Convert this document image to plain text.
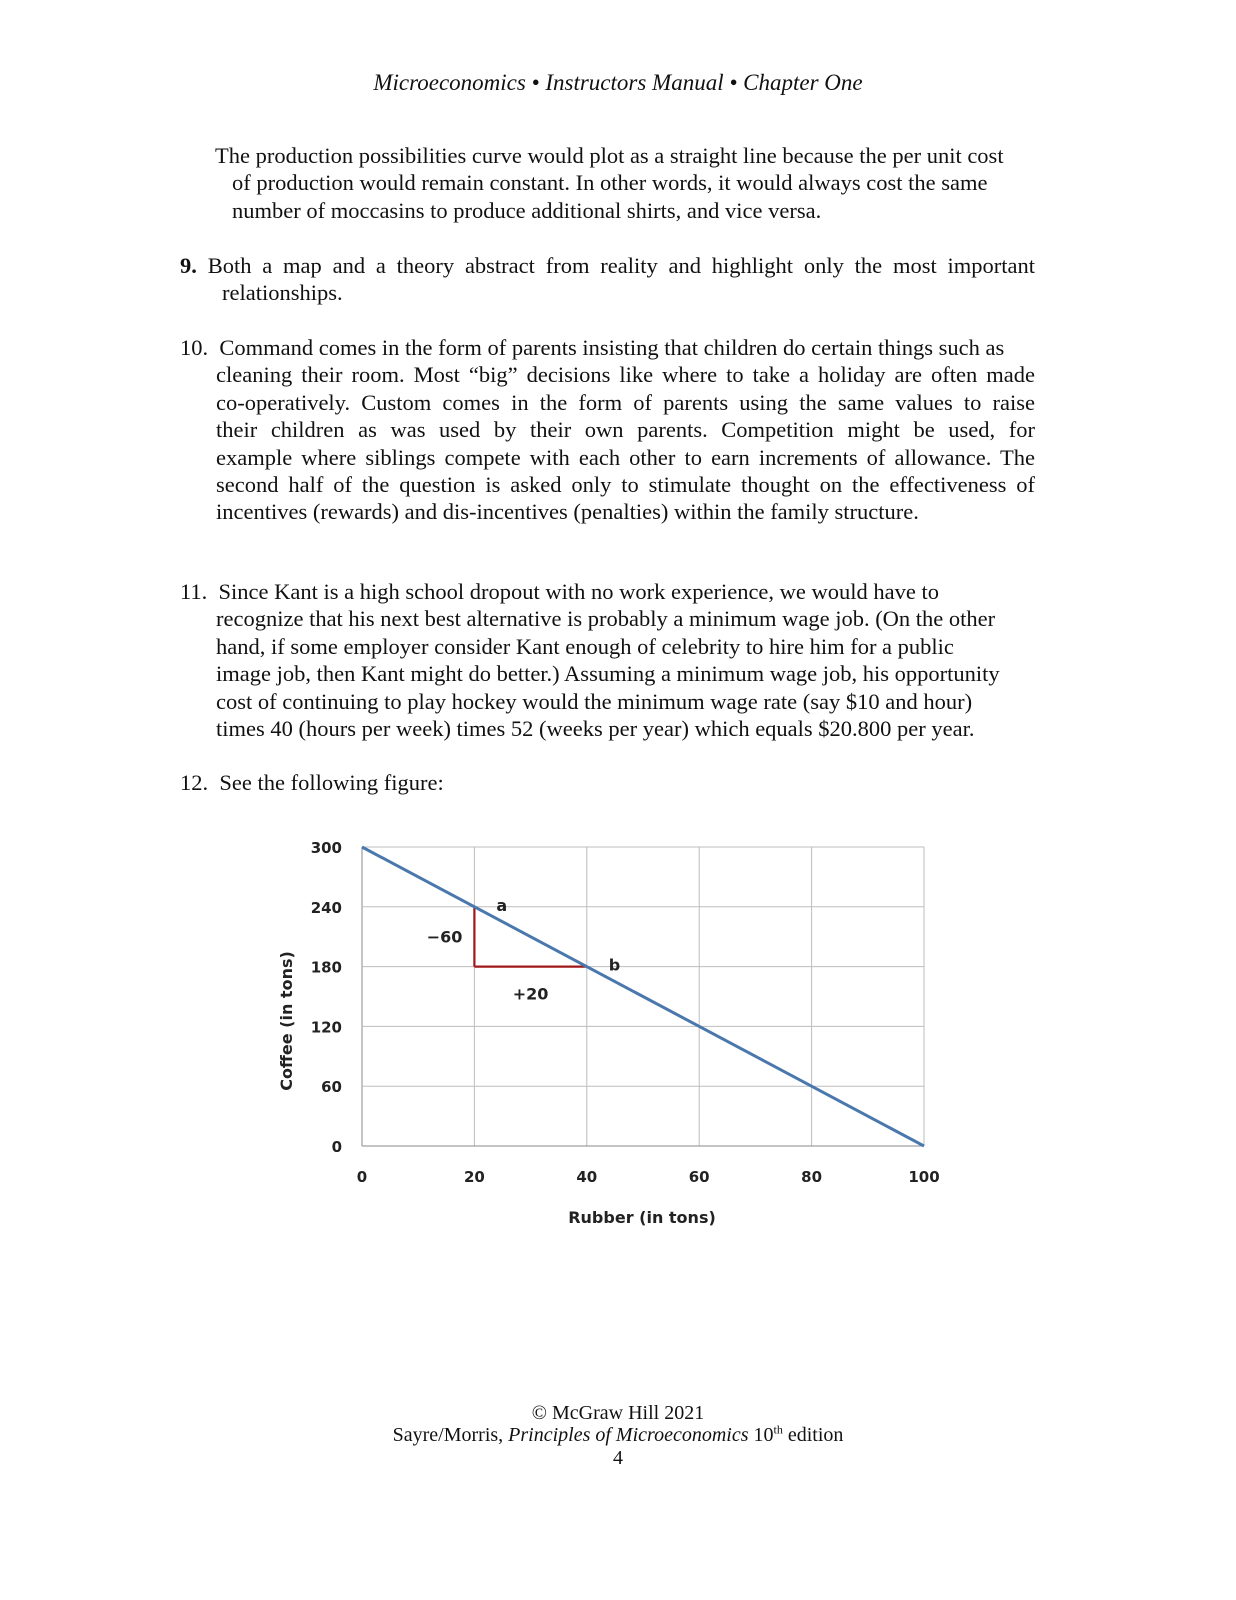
Microeconomics • Instructors Manual • Chapter One
The production possibilities curve would plot as a straight line because the per unit cost
of production would remain constant. In other words, it would always cost the same
number of moccasins to produce additional shirts, and vice versa.
9. Both a map and a theory abstract from reality and highlight only the most important
relationships.
10. Command comes in the form of parents insisting that children do certain things such as
cleaning their room. Most “big” decisions like where to take a holiday are often made
co-operatively. Custom comes in the form of parents using the same values to raise
their children as was used by their own parents. Competition might be used, for
example where siblings compete with each other to earn increments of allowance. The
second half of the question is asked only to stimulate thought on the effectiveness of
incentives (rewards) and dis-incentives (penalties) within the family structure.
11. Since Kant is a high school dropout with no work experience, we would have to
recognize that his next best alternative is probably a minimum wage job. (On the other
hand, if some employer consider Kant enough of celebrity to hire him for a public
image job, then Kant might do better.) Assuming a minimum wage job, his opportunity
cost of continuing to play hockey would the minimum wage rate (say $10 and hour)
times 40 (hours per week) times 52 (weeks per year) which equals $20.800 per year.
12. See the following figure:
0	20	40	60	80	100
0
60
120
180
240
300
−60
+20
a
b
Rubber (in tons)
Coffee (in tons)
© McGraw Hill 2021
Sayre/Morris, Principles of Microeconomics 10th edition
4
